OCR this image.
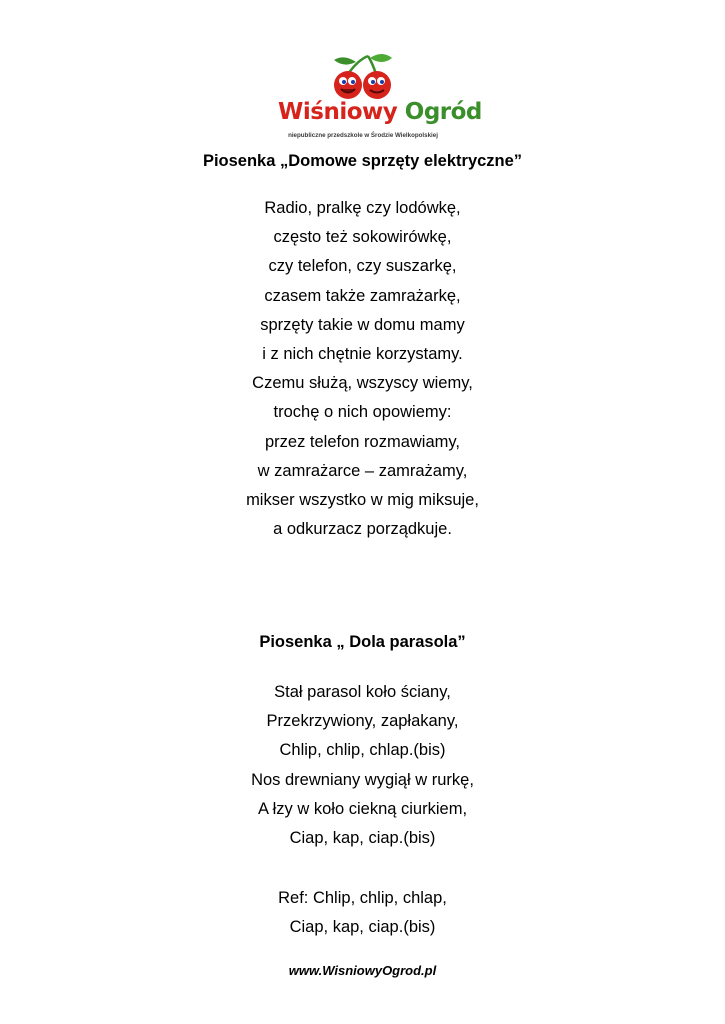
Wiśniowy Ogród
niepubliczne przedszkole w Środzie Wielkopolskiej
Piosenka „Domowe sprzęty elektryczne”
Radio, pralkę czy lodówkę,
często też sokowirówkę,
czy telefon, czy suszarkę,
czasem także zamrażarkę,
sprzęty takie w domu mamy
i z nich chętnie korzystamy.
Czemu służą, wszyscy wiemy,
trochę o nich opowiemy:
przez telefon rozmawiamy,
w zamrażarce – zamrażamy,
mikser wszystko w mig miksuje,
a odkurzacz porządkuje.
Piosenka „ Dola parasola”
Stał parasol koło ściany,
Przekrzywiony, zapłakany,
Chlip, chlip, chlap.(bis)
Nos drewniany wygiął w rurkę,
A łzy w koło ciekną ciurkiem,
Ciap, kap, ciap.(bis)
Ref: Chlip, chlip, chlap,
Ciap, kap, ciap.(bis)
www.WisniowyOgrod.pl
